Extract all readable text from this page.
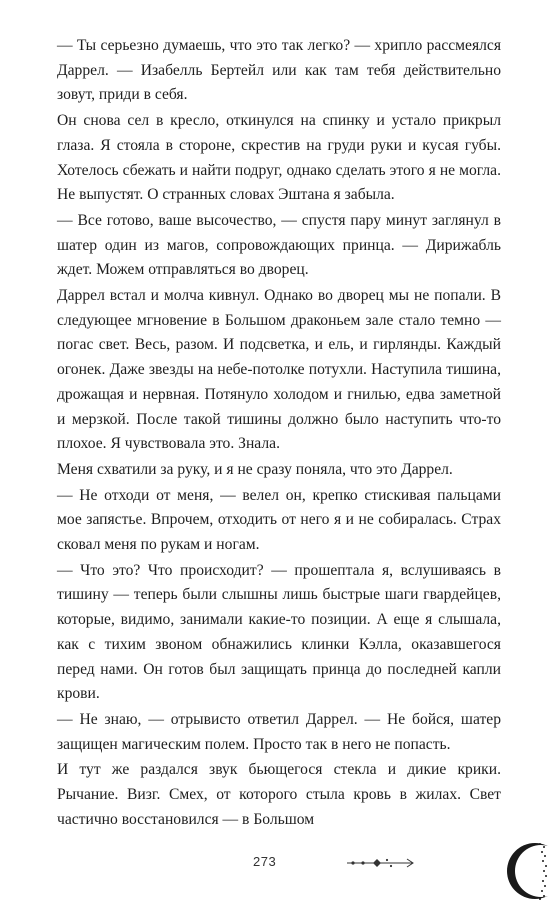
— Ты серьезно думаешь, что это так легко? — хрипло рассмеялся Даррел. — Изабелль Бертейл или как там тебя действительно зовут, приди в себя.

Он снова сел в кресло, откинулся на спинку и устало прикрыл глаза. Я стояла в стороне, скрестив на груди руки и кусая губы. Хотелось сбежать и найти подруг, однако сделать этого я не могла. Не выпустят. О странных словах Эштана я забыла.

— Все готово, ваше высочество, — спустя пару минут заглянул в шатер один из магов, сопровождающих принца. — Дирижабль ждет. Можем отправляться во дворец.

Даррел встал и молча кивнул. Однако во дворец мы не попали. В следующее мгновение в Большом драконьем зале стало темно — погас свет. Весь, разом. И подсветка, и ель, и гирлянды. Каждый огонек. Даже звезды на небе-потолке потухли. Наступила тишина, дрожащая и нервная. Потянуло холодом и гнилью, едва заметной и мерзкой. После такой тишины должно было наступить что-то плохое. Я чувствовала это. Знала.

Меня схватили за руку, и я не сразу поняла, что это Даррел.

— Не отходи от меня, — велел он, крепко стискивая пальцами мое запястье. Впрочем, отходить от него я и не собиралась. Страх сковал меня по рукам и ногам.

— Что это? Что происходит? — прошептала я, вслушиваясь в тишину — теперь были слышны лишь быстрые шаги гвардейцев, которые, видимо, занимали какие-то позиции. А еще я слышала, как с тихим звоном обнажились клинки Кэлла, оказавшегося перед нами. Он готов был защищать принца до последней капли крови.

— Не знаю, — отрывисто ответил Даррел. — Не бойся, шатер защищен магическим полем. Просто так в него не попасть.

И тут же раздался звук бьющегося стекла и дикие крики. Рычание. Визг. Смех, от которого стыла кровь в жилах. Свет частично восстановился — в Большом

273
